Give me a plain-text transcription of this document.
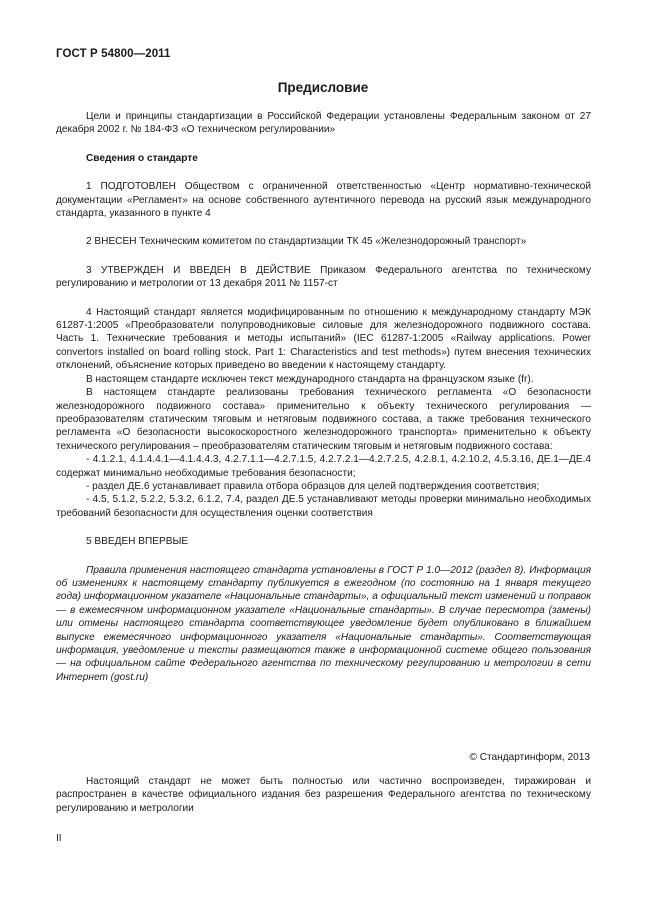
ГОСТ Р 54800—2011
Предисловие

Цели и принципы стандартизации в Российской Федерации установлены Федеральным законом от 27 декабря 2002 г. № 184-ФЗ «О техническом регулировании»

Сведения о стандарте

1 ПОДГОТОВЛЕН Обществом с ограниченной ответственностью «Центр нормативно-технической документации «Регламент» на основе собственного аутентичного перевода на русский язык международного стандарта, указанного в пункте 4

2 ВНЕСЕН Техническим комитетом по стандартизации ТК 45 «Железнодорожный транспорт»

3 УТВЕРЖДЕН И ВВЕДЕН В ДЕЙСТВИЕ Приказом Федерального агентства по техническому регулированию и метрологии от 13 декабря 2011 № 1157-ст

4 Настоящий стандарт является модифицированным по отношению к международному стандарту МЭК 61287-1:2005 «Преобразователи полупроводниковые силовые для железнодорожного подвижного состава. Часть 1. Технические требования и методы испытаний» (IEC 61287-1:2005 «Railway applications. Power convertors installed on board rolling stock. Part 1: Characteristics and test methods») путем внесения технических отклонений, объяснение которых приведено во введении к настоящему стандарту.

В настоящем стандарте исключен текст международного стандарта на французском языке (fr).

В настоящем стандарте реализованы требования технического регламента «О безопасности железнодорожного подвижного состава» применительно к объекту технического регулирования — преобразователям статическим тяговым и нетяговым подвижного состава, а также требования технического регламента «О безопасности высокоскоростного железнодорожного транспорта» применительно к объекту технического регулирования – преобразователям статическим тяговым и нетяговым подвижного состава:

- 4.1.2.1, 4.1.4.4.1—4.1.4.4.3, 4.2.7.1.1—4.2.7.1.5, 4.2.7.2.1—4.2.7.2.5, 4.2.8.1, 4.2.10.2, 4.5.3.16, ДЕ.1—ДЕ.4 содержат минимально необходимые требования безопасности;

- раздел ДЕ.6 устанавливает правила отбора образцов для целей подтверждения соответствия;

- 4.5, 5.1.2, 5.2.2, 5.3.2, 6.1.2, 7.4, раздел ДЕ.5 устанавливают методы проверки минимально необходимых требований безопасности для осуществления оценки соответствия

5 ВВЕДЕН ВПЕРВЫЕ

Правила применения настоящего стандарта установлены в ГОСТ Р 1.0—2012 (раздел 8). Информация об изменениях к настоящему стандарту публикуется в ежегодном (по состоянию на 1 января текущего года) информационном указателе «Национальные стандарты», а официальный текст изменений и поправок — в ежемесячном информационном указателе «Национальные стандарты». В случае пересмотра (замены) или отмены настоящего стандарта соответствующее уведомление будет опубликовано в ближайшем выпуске ежемесячного информационного указателя «Национальные стандарты». Соответствующая информация, уведомление и тексты размещаются также в информационной системе общего пользования — на официальном сайте Федерального агентства по техническому регулированию и метрологии в сети Интернет (gost.ru)

© Стандартинформ, 2013

Настоящий стандарт не может быть полностью или частично воспроизведен, тиражирован и распространен в качестве официального издания без разрешения Федерального агентства по техническому регулированию и метрологии

II
